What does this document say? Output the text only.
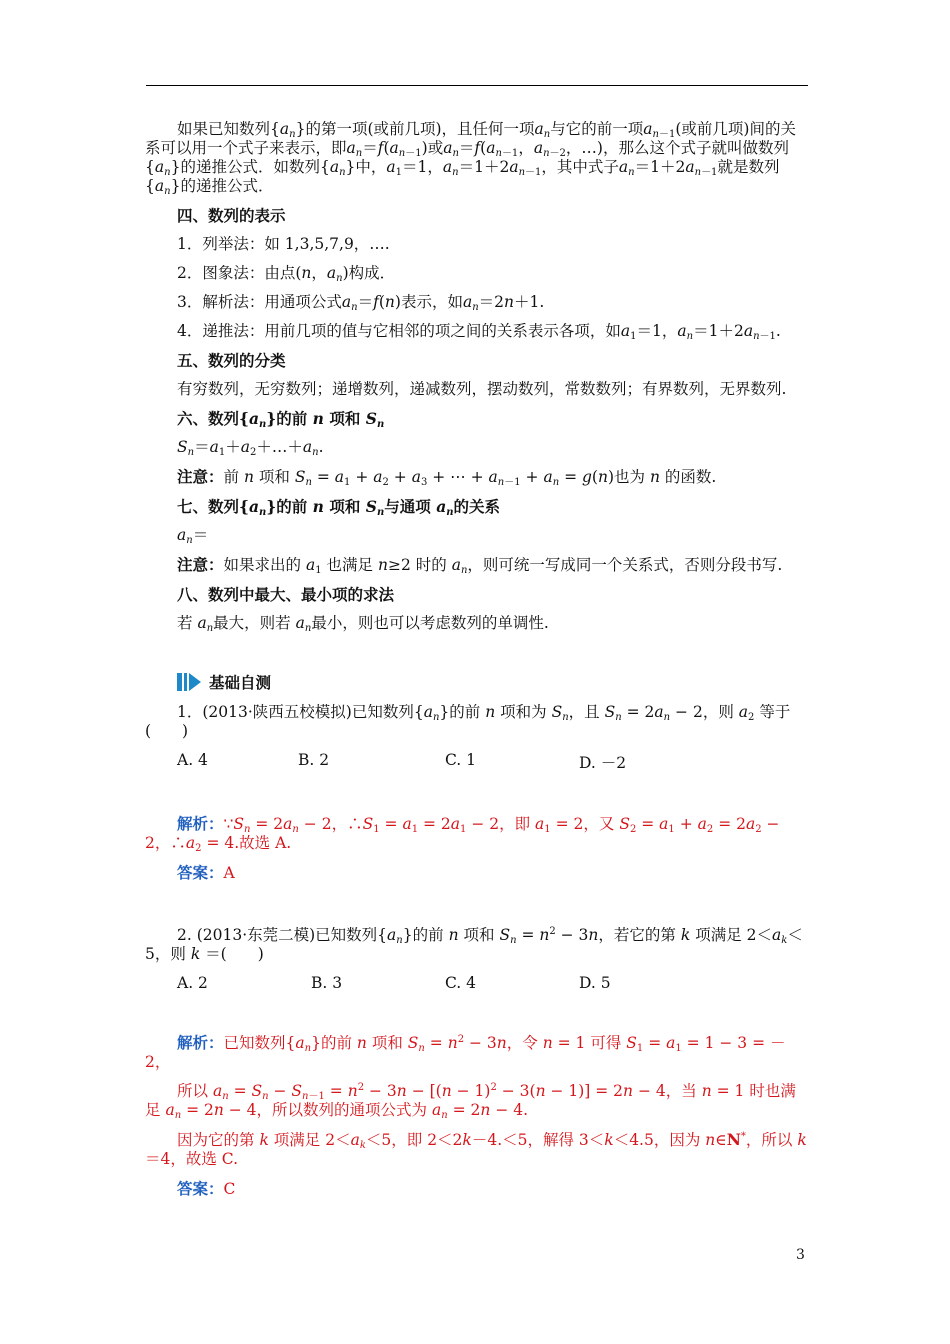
如果已知数列$\{a_n\}$的第一项(或前几项)，且任何一项$a_n$与它的前一项$a_{n-1}$(或前几项)间的关系可以用一个式子来表示，即$a_n=f(a_{n-1})$或$a_n=f(a_{n-1}$，$a_{n-2}$，…)，那么这个式子就叫做数列$\{a_n\}$的递推公式．如数列$\{a_n\}$中，$a_1=1$，$a_n=1+2a_{n-1}$，其中式子$a_n=1+2a_{n-1}$就是数列$\{a_n\}$的递推公式．

四、数列的表示

1．列举法：如 1,3,5,7,9，….

2．图象法：由点(n，$a_n$)构成．

3．解析法：用通项公式$a_n=f(n)$表示，如$a_n=2n+1$.

4．递推法：用前几项的值与它相邻的项之间的关系表示各项，如$a_1=1$，$a_n=1+2a_{n-1}$.

五、数列的分类

有穷数列，无穷数列；递增数列，递减数列，摆动数列，常数数列；有界数列，无界数列.

六、数列$\{a_n\}$的前 n 项和 $S_n$

$S_n=a_1+a_2+\dots+a_n$.

注意：前 n 项和 $S_n = a_1 + a_2 + a_3$ + ⋯ + $a_{n-1} + a_n = g(n)$也为 n 的函数.

七、数列$\{a_n\}$的前 n 项和 $S_n$与通项 $a_n$的关系

$a_n=$

注意：如果求出的 $a_1$ 也满足 n≥2 时的 $a_n$，则可统一写成同一个关系式，否则分段书写.

八、数列中最大、最小项的求法

若 $a_n$最大，则若 $a_n$最小，则也可以考虑数列的单调性.

基础自测

1．(2013·陕西五校模拟)已知数列$\{a_n\}$的前 n 项和为 $S_n$，且 $S_n = 2a_n - 2$，则 $a_2$ 等于(　　)

A. 4	B. 2	C. 1	D. －2

解析：$\because S_n = 2a_n - 2$，$\therefore S_1 = a_1 = 2a_1 - 2$，即 $a_1 = 2$，又 $S_2 = a_1 + a_2 = 2a_2 - 2$，$\therefore a_2 = 4$.故选 A.

答案：A

2. (2013·东莞二模)已知数列$\{a_n\}$的前 n 项和 $S_n = n^2 - 3n$，若它的第 k 项满足 $2<a_k<5$，则 k ＝(　　)

A. 2	B. 3	C. 4	D. 5

解析：已知数列$\{a_n\}$的前 n 项和 $S_n = n^2 - 3n$，令 n = 1 可得 $S_1 = a_1 = 1 - 3 = -2$，

所以 $a_n = S_n - S_{n-1} = n^2 - 3n - [(n - 1)^2 - 3(n - 1)] = 2n - 4$，当 n = 1 时也满足 $a_n = 2n - 4$，所以数列的通项公式为 $a_n = 2n - 4$.

因为它的第 k 项满足 $2<a_k<5$，即 2＜2k－4.＜5，解得 3＜k＜4.5，因为 n∈N*，所以 k ＝4，故选 C.

答案：C

3
